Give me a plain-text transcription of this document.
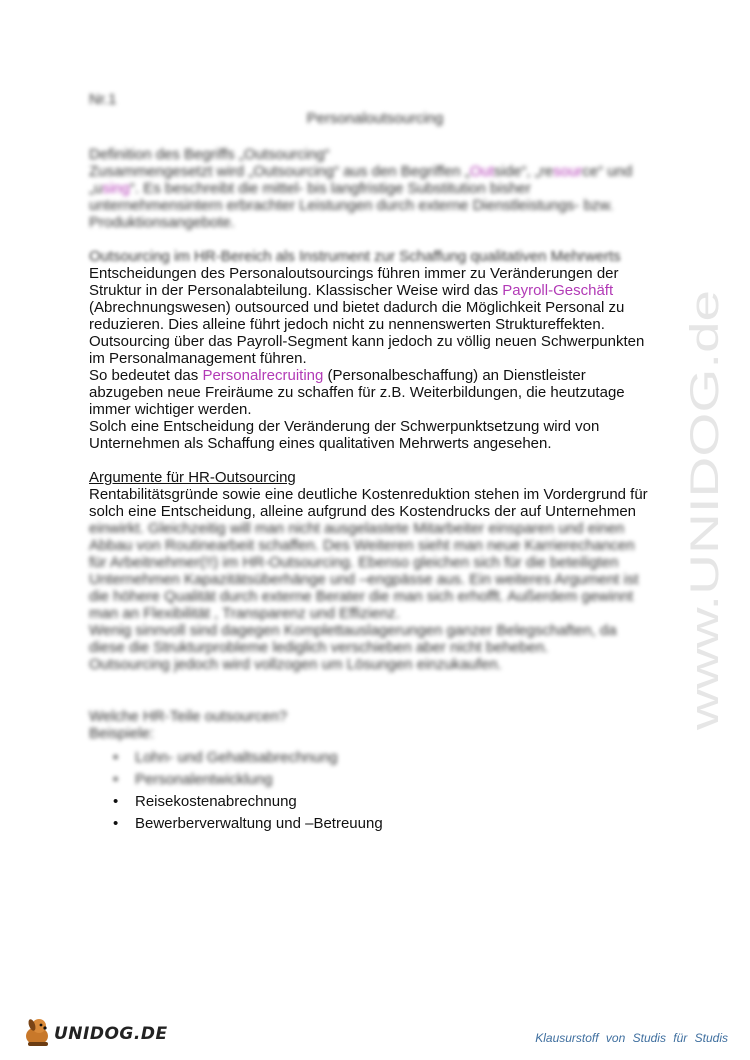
Nr.1
Personaloutsourcing
Definition des Begriffs „Outsourcing“
Zusammengesetzt wird „Outsourcing“ aus den Begriffen „Outside“, „resource“ und
„using“. Es beschreibt die mittel- bis langfristige Substitution bisher
unternehmensintern erbrachter Leistungen durch externe Dienstleistungs- bzw.
Produktionsangebote.
Outsourcing im HR-Bereich als Instrument zur Schaffung qualitativen Mehrwerts
Entscheidungen des Personaloutsourcings führen immer zu Veränderungen der
Struktur in der Personalabteilung. Klassischer Weise wird das Payroll-Geschäft
(Abrechnungswesen) outsourced und bietet dadurch die Möglichkeit Personal zu
reduzieren. Dies alleine führt jedoch nicht zu nennenswerten Struktureffekten.
Outsourcing über das Payroll-Segment kann jedoch zu völlig neuen Schwerpunkten
im Personalmanagement führen.
So bedeutet das Personalrecruiting (Personalbeschaffung) an Dienstleister
abzugeben neue Freiräume zu schaffen für z.B. Weiterbildungen, die heutzutage
immer wichtiger werden.
Solch eine Entscheidung der Veränderung der Schwerpunktsetzung wird von
Unternehmen als Schaffung eines qualitativen Mehrwerts angesehen.
Argumente für HR-Outsourcing
Rentabilitätsgründe sowie eine deutliche Kostenreduktion stehen im Vordergrund für
solch eine Entscheidung, alleine aufgrund des Kostendrucks der auf Unternehmen
einwirkt. Gleichzeitig will man nicht ausgelastete Mitarbeiter einsparen und einen
Abbau von Routinearbeit schaffen. Des Weiteren sieht man neue Karrierechancen
für Arbeitnehmer(!!) im HR-Outsourcing. Ebenso gleichen sich für die beteiligten
Unternehmen Kapazitätsüberhänge und –engpässe aus. Ein weiteres Argument ist
die höhere Qualität durch externe Berater die man sich erhofft. Außerdem gewinnt
man an Flexibilität , Transparenz und Effizienz.
Wenig sinnvoll sind dagegen Komplettauslagerungen ganzer Belegschaften, da
diese die Strukturprobleme lediglich verschieben aber nicht beheben.
Outsourcing jedoch wird vollzogen um Lösungen einzukaufen.
Welche HR-Teile outsourcen?
Beispiele:
• Lohn- und Gehaltsabrechnung
• Personalentwicklung
• Reisekostenabrechnung
• Bewerberverwaltung und –Betreuung
www.UNIDOG.de
UNIDOG.DE	Klausurstoff von Studis für Studis
